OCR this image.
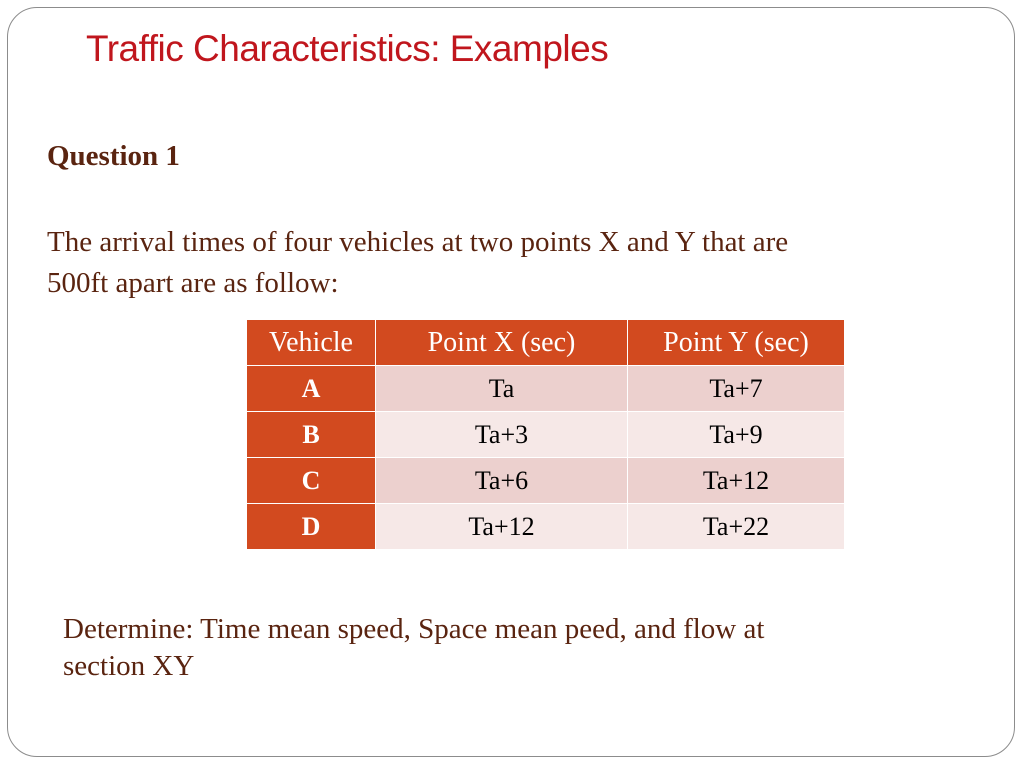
Traffic Characteristics: Examples
Question 1
The arrival times of four vehicles at two points X and Y that are
500ft apart are as follow:
Vehicle	Point X (sec)	Point Y (sec)
A	Ta	Ta+7
B	Ta+3	Ta+9
C	Ta+6	Ta+12
D	Ta+12	Ta+22
Determine: Time mean speed, Space mean peed, and flow at
section XY
